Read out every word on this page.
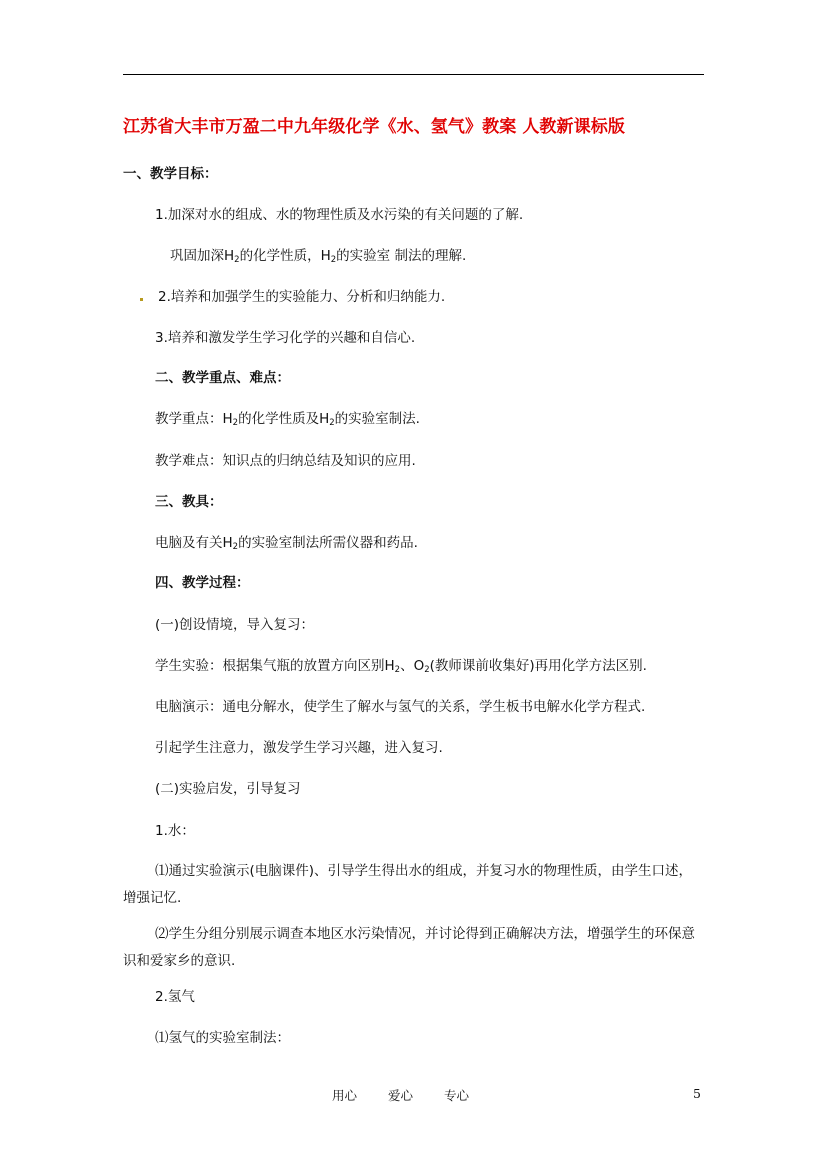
江苏省大丰市万盈二中九年级化学《水、氢气》教案 人教新课标版
一、教学目标：
1.加深对水的组成、水的物理性质及水污染的有关问题的了解.
巩固加深$H_2$的化学性质，$H_2$的实验室 制法的理解.
2.培养和加强学生的实验能力、分析和归纳能力.
3.培养和激发学生学习化学的兴趣和自信心.
二、教学重点、难点：
教学重点：$H_2$的化学性质及$H_2$的实验室制法.
教学难点：知识点的归纳总结及知识的应用.
三、教具：
电脑及有关$H_2$的实验室制法所需仪器和药品.
四、教学过程：
(一)创设情境，导入复习：
学生实验：根据集气瓶的放置方向区别$H_2$、$O_2$(教师课前收集好)再用化学方法区别.
电脑演示：通电分解水，使学生了解水与氢气的关系，学生板书电解水化学方程式.
引起学生注意力，激发学生学习兴趣，进入复习.
(二)实验启发，引导复习
1.水：
⑴通过实验演示(电脑课件)、引导学生得出水的组成，并复习水的物理性质，由学生口述，增强记忆.
⑵学生分组分别展示调查本地区水污染情况，并讨论得到正确解决方法，增强学生的环保意识和爱家乡的意识.
2.氢气
⑴氢气的实验室制法：
用心 爱心 专心	5
